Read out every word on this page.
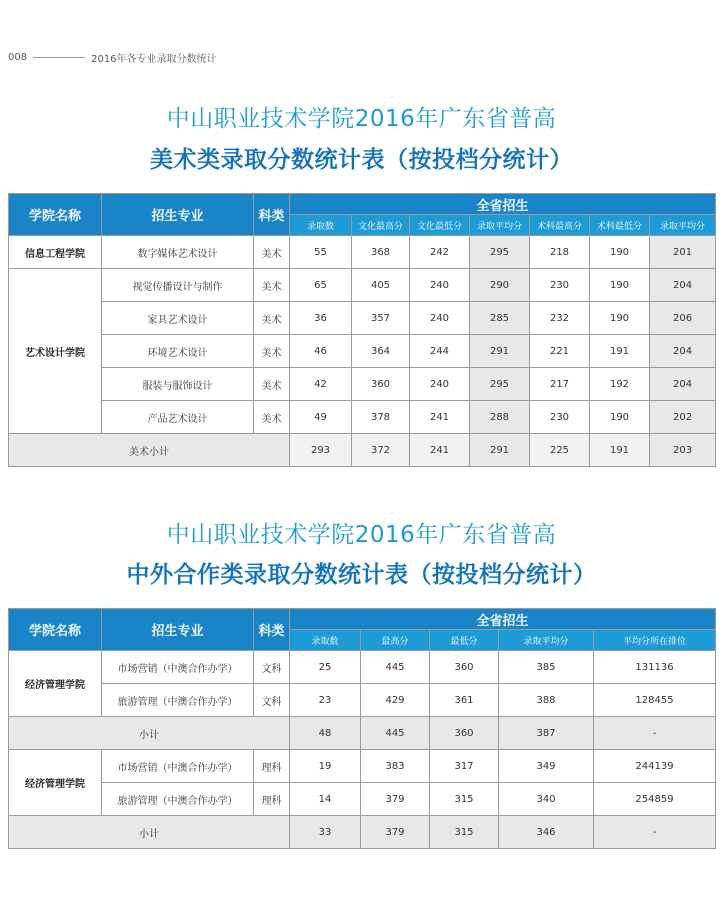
008	2016年各专业录取分数统计
中山职业技术学院2016年广东省普高
美术类录取分数统计表（按投档分统计）
学院名称	招生专业	科类	全省招生						
			录取数	文化最高分	文化最低分	录取平均分	术科最高分	术科最低分	录取平均分
信息工程学院	数字媒体艺术设计	美术	55	368	242	295	218	190	201
艺术设计学院	视觉传播设计与制作	美术	65	405	240	290	230	190	204
	家具艺术设计	美术	36	357	240	285	232	190	206
	环境艺术设计	美术	46	364	244	291	221	191	204
	服装与服饰设计	美术	42	360	240	295	217	192	204
	产品艺术设计	美术	49	378	241	288	230	190	202
美术小计			293	372	241	291	225	191	203
中山职业技术学院2016年广东省普高
中外合作类录取分数统计表（按投档分统计）
学院名称	招生专业	科类	全省招生				
			录取数	最高分	最低分	录取平均分	平均分所在排位
经济管理学院	市场营销（中澳合作办学）	文科	25	445	360	385	131136
	旅游管理（中澳合作办学）	文科	23	429	361	388	128455
小计			48	445	360	387	-
经济管理学院	市场营销（中澳合作办学）	理科	19	383	317	349	244139
	旅游管理（中澳合作办学）	理科	14	379	315	340	254859
小计			33	379	315	346	-
